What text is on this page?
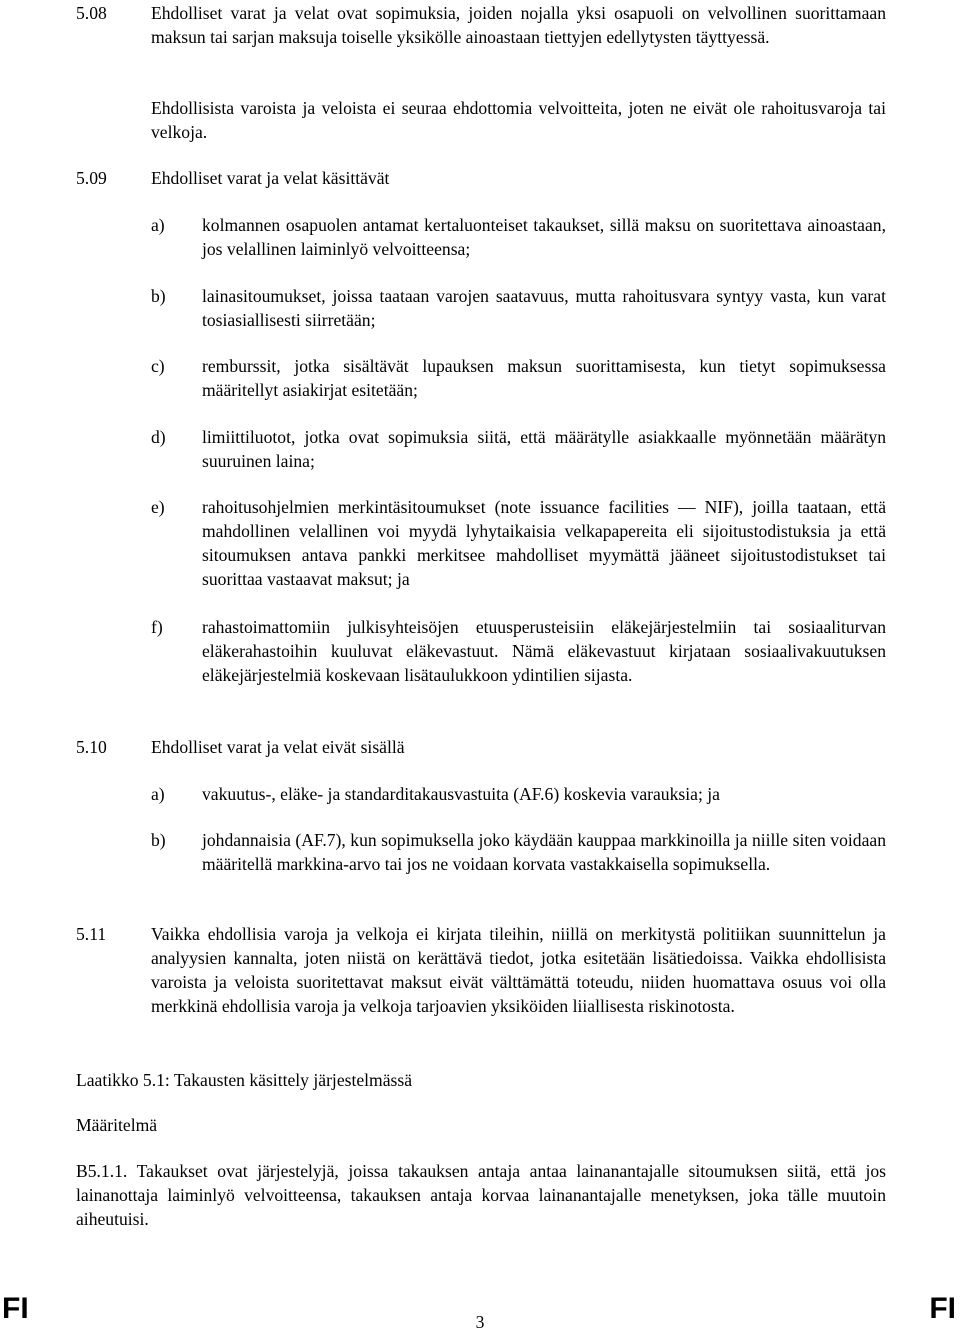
5.08	Ehdolliset varat ja velat ovat sopimuksia, joiden nojalla yksi osapuoli on velvollinen suorittamaan maksun tai sarjan maksuja toiselle yksikölle ainoastaan tiettyjen edellytysten täyttyessä.

Ehdollisista varoista ja veloista ei seuraa ehdottomia velvoitteita, joten ne eivät ole rahoitusvaroja tai velkoja.

5.09	Ehdolliset varat ja velat käsittävät
a) kolmannen osapuolen antamat kertaluonteiset takaukset, sillä maksu on suoritettava ainoastaan, jos velallinen laiminlyö velvoitteensa;
b) lainasitoumukset, joissa taataan varojen saatavuus, mutta rahoitusvara syntyy vasta, kun varat tosiasiallisesti siirretään;
c) remburssit, jotka sisältävät lupauksen maksun suorittamisesta, kun tietyt sopimuksessa määritellyt asiakirjat esitetään;
d) limiittiluotot, jotka ovat sopimuksia siitä, että määrätylle asiakkaalle myönnetään määrätyn suuruinen laina;
e) rahoitusohjelmien merkintäsitoumukset (note issuance facilities — NIF), joilla taataan, että mahdollinen velallinen voi myydä lyhytaikaisia velkapapereita eli sijoitustodistuksia ja että sitoumuksen antava pankki merkitsee mahdolliset myymättä jääneet sijoitustodistukset tai suorittaa vastaavat maksut; ja
f) rahastoimattomiin julkisyhteisöjen etuusperusteisiin eläkejärjestelmiin tai sosiaaliturvan eläkerahastoihin kuuluvat eläkevastuut. Nämä eläkevastuut kirjataan sosiaalivakuutuksen eläkejärjestelmiä koskevaan lisätaulukkoon ydintilien sijasta.
5.10	Ehdolliset varat ja velat eivät sisällä
a) vakuutus-, eläke- ja standarditakausvastuita (AF.6) koskevia varauksia; ja
b) johdannaisia (AF.7), kun sopimuksella joko käydään kauppaa markkinoilla ja niille siten voidaan määritellä markkina-arvo tai jos ne voidaan korvata vastakkaisella sopimuksella.
5.11	Vaikka ehdollisia varoja ja velkoja ei kirjata tileihin, niillä on merkitystä politiikan suunnittelun ja analyysien kannalta, joten niistä on kerättävä tiedot, jotka esitetään lisätiedoissa. Vaikka ehdollisista varoista ja veloista suoritettavat maksut eivät välttämättä toteudu, niiden huomattava osuus voi olla merkkinä ehdollisia varoja ja velkoja tarjoavien yksiköiden liiallisesta riskinotosta.
Laatikko 5.1: Takausten käsittely järjestelmässä
Määritelmä
B5.1.1. Takaukset ovat järjestelyjä, joissa takauksen antaja antaa lainanantajalle sitoumuksen siitä, että jos lainanottaja laiminlyö velvoitteensa, takauksen antaja korvaa lainanantajalle menetyksen, joka tälle muutoin aiheutuisi.
FI	3	FI
